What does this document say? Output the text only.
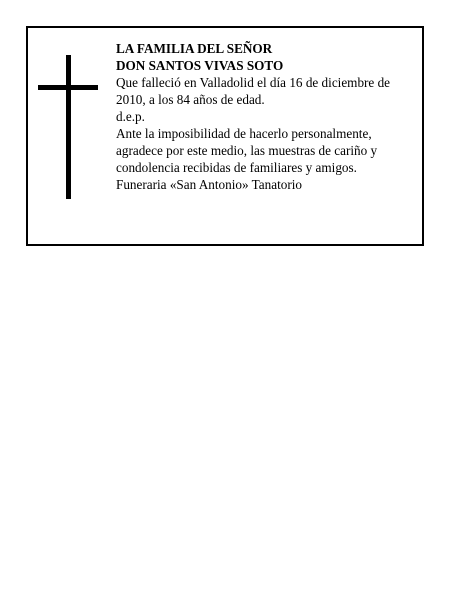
LA FAMILIA DEL SEÑOR
DON SANTOS VIVAS SOTO
Que falleció en Valladolid el día 16 de diciembre de
2010, a los 84 años de edad.
d.e.p.
Ante la imposibilidad de hacerlo personalmente,
agradece por este medio, las muestras de cariño y
condolencia recibidas de familiares y amigos.
Funeraria «San Antonio» Tanatorio
